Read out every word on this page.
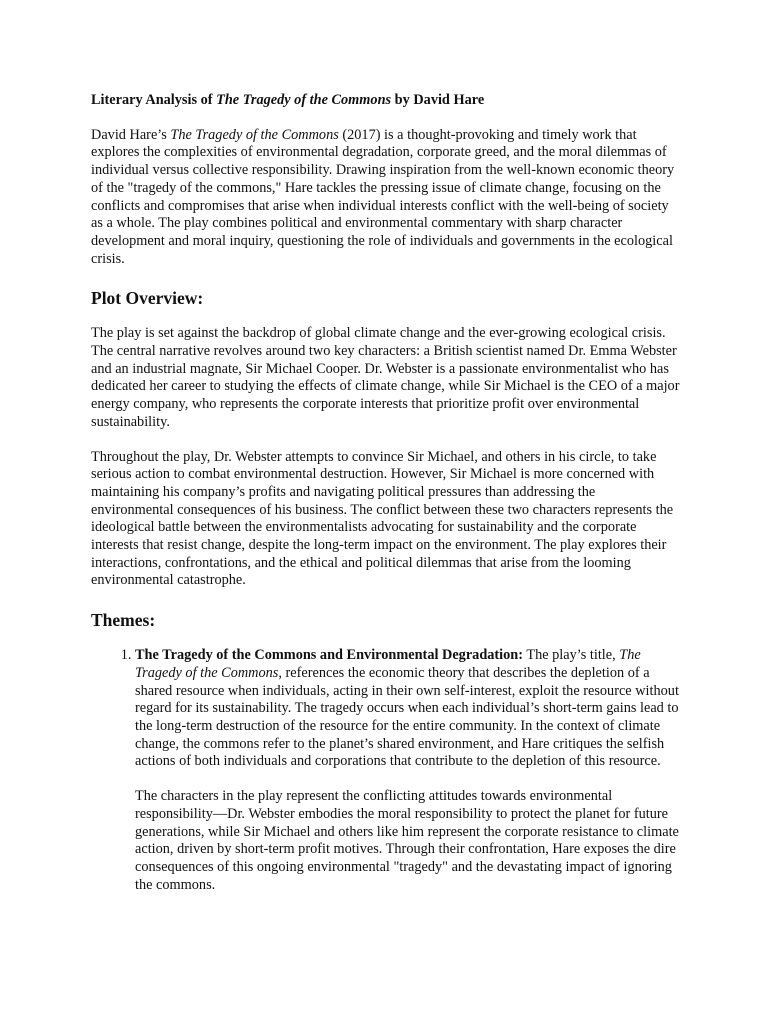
Literary Analysis of The Tragedy of the Commons by David Hare

David Hare’s The Tragedy of the Commons (2017) is a thought-provoking and timely work that explores the complexities of environmental degradation, corporate greed, and the moral dilemmas of individual versus collective responsibility. Drawing inspiration from the well-known economic theory of the "tragedy of the commons," Hare tackles the pressing issue of climate change, focusing on the conflicts and compromises that arise when individual interests conflict with the well-being of society as a whole. The play combines political and environmental commentary with sharp character development and moral inquiry, questioning the role of individuals and governments in the ecological crisis.

Plot Overview:

The play is set against the backdrop of global climate change and the ever-growing ecological crisis. The central narrative revolves around two key characters: a British scientist named Dr. Emma Webster and an industrial magnate, Sir Michael Cooper. Dr. Webster is a passionate environmentalist who has dedicated her career to studying the effects of climate change, while Sir Michael is the CEO of a major energy company, who represents the corporate interests that prioritize profit over environmental sustainability.

Throughout the play, Dr. Webster attempts to convince Sir Michael, and others in his circle, to take serious action to combat environmental destruction. However, Sir Michael is more concerned with maintaining his company’s profits and navigating political pressures than addressing the environmental consequences of his business. The conflict between these two characters represents the ideological battle between the environmentalists advocating for sustainability and the corporate interests that resist change, despite the long-term impact on the environment. The play explores their interactions, confrontations, and the ethical and political dilemmas that arise from the looming environmental catastrophe.

Themes:
1. The Tragedy of the Commons and Environmental Degradation: The play’s title, The Tragedy of the Commons, references the economic theory that describes the depletion of a shared resource when individuals, acting in their own self-interest, exploit the resource without regard for its sustainability. The tragedy occurs when each individual’s short-term gains lead to the long-term destruction of the resource for the entire community. In the context of climate change, the commons refer to the planet’s shared environment, and Hare critiques the selfish actions of both individuals and corporations that contribute to the depletion of this resource.
The characters in the play represent the conflicting attitudes towards environmental responsibility—Dr. Webster embodies the moral responsibility to protect the planet for future generations, while Sir Michael and others like him represent the corporate resistance to climate action, driven by short-term profit motives. Through their confrontation, Hare exposes the dire consequences of this ongoing environmental "tragedy" and the devastating impact of ignoring the commons.
